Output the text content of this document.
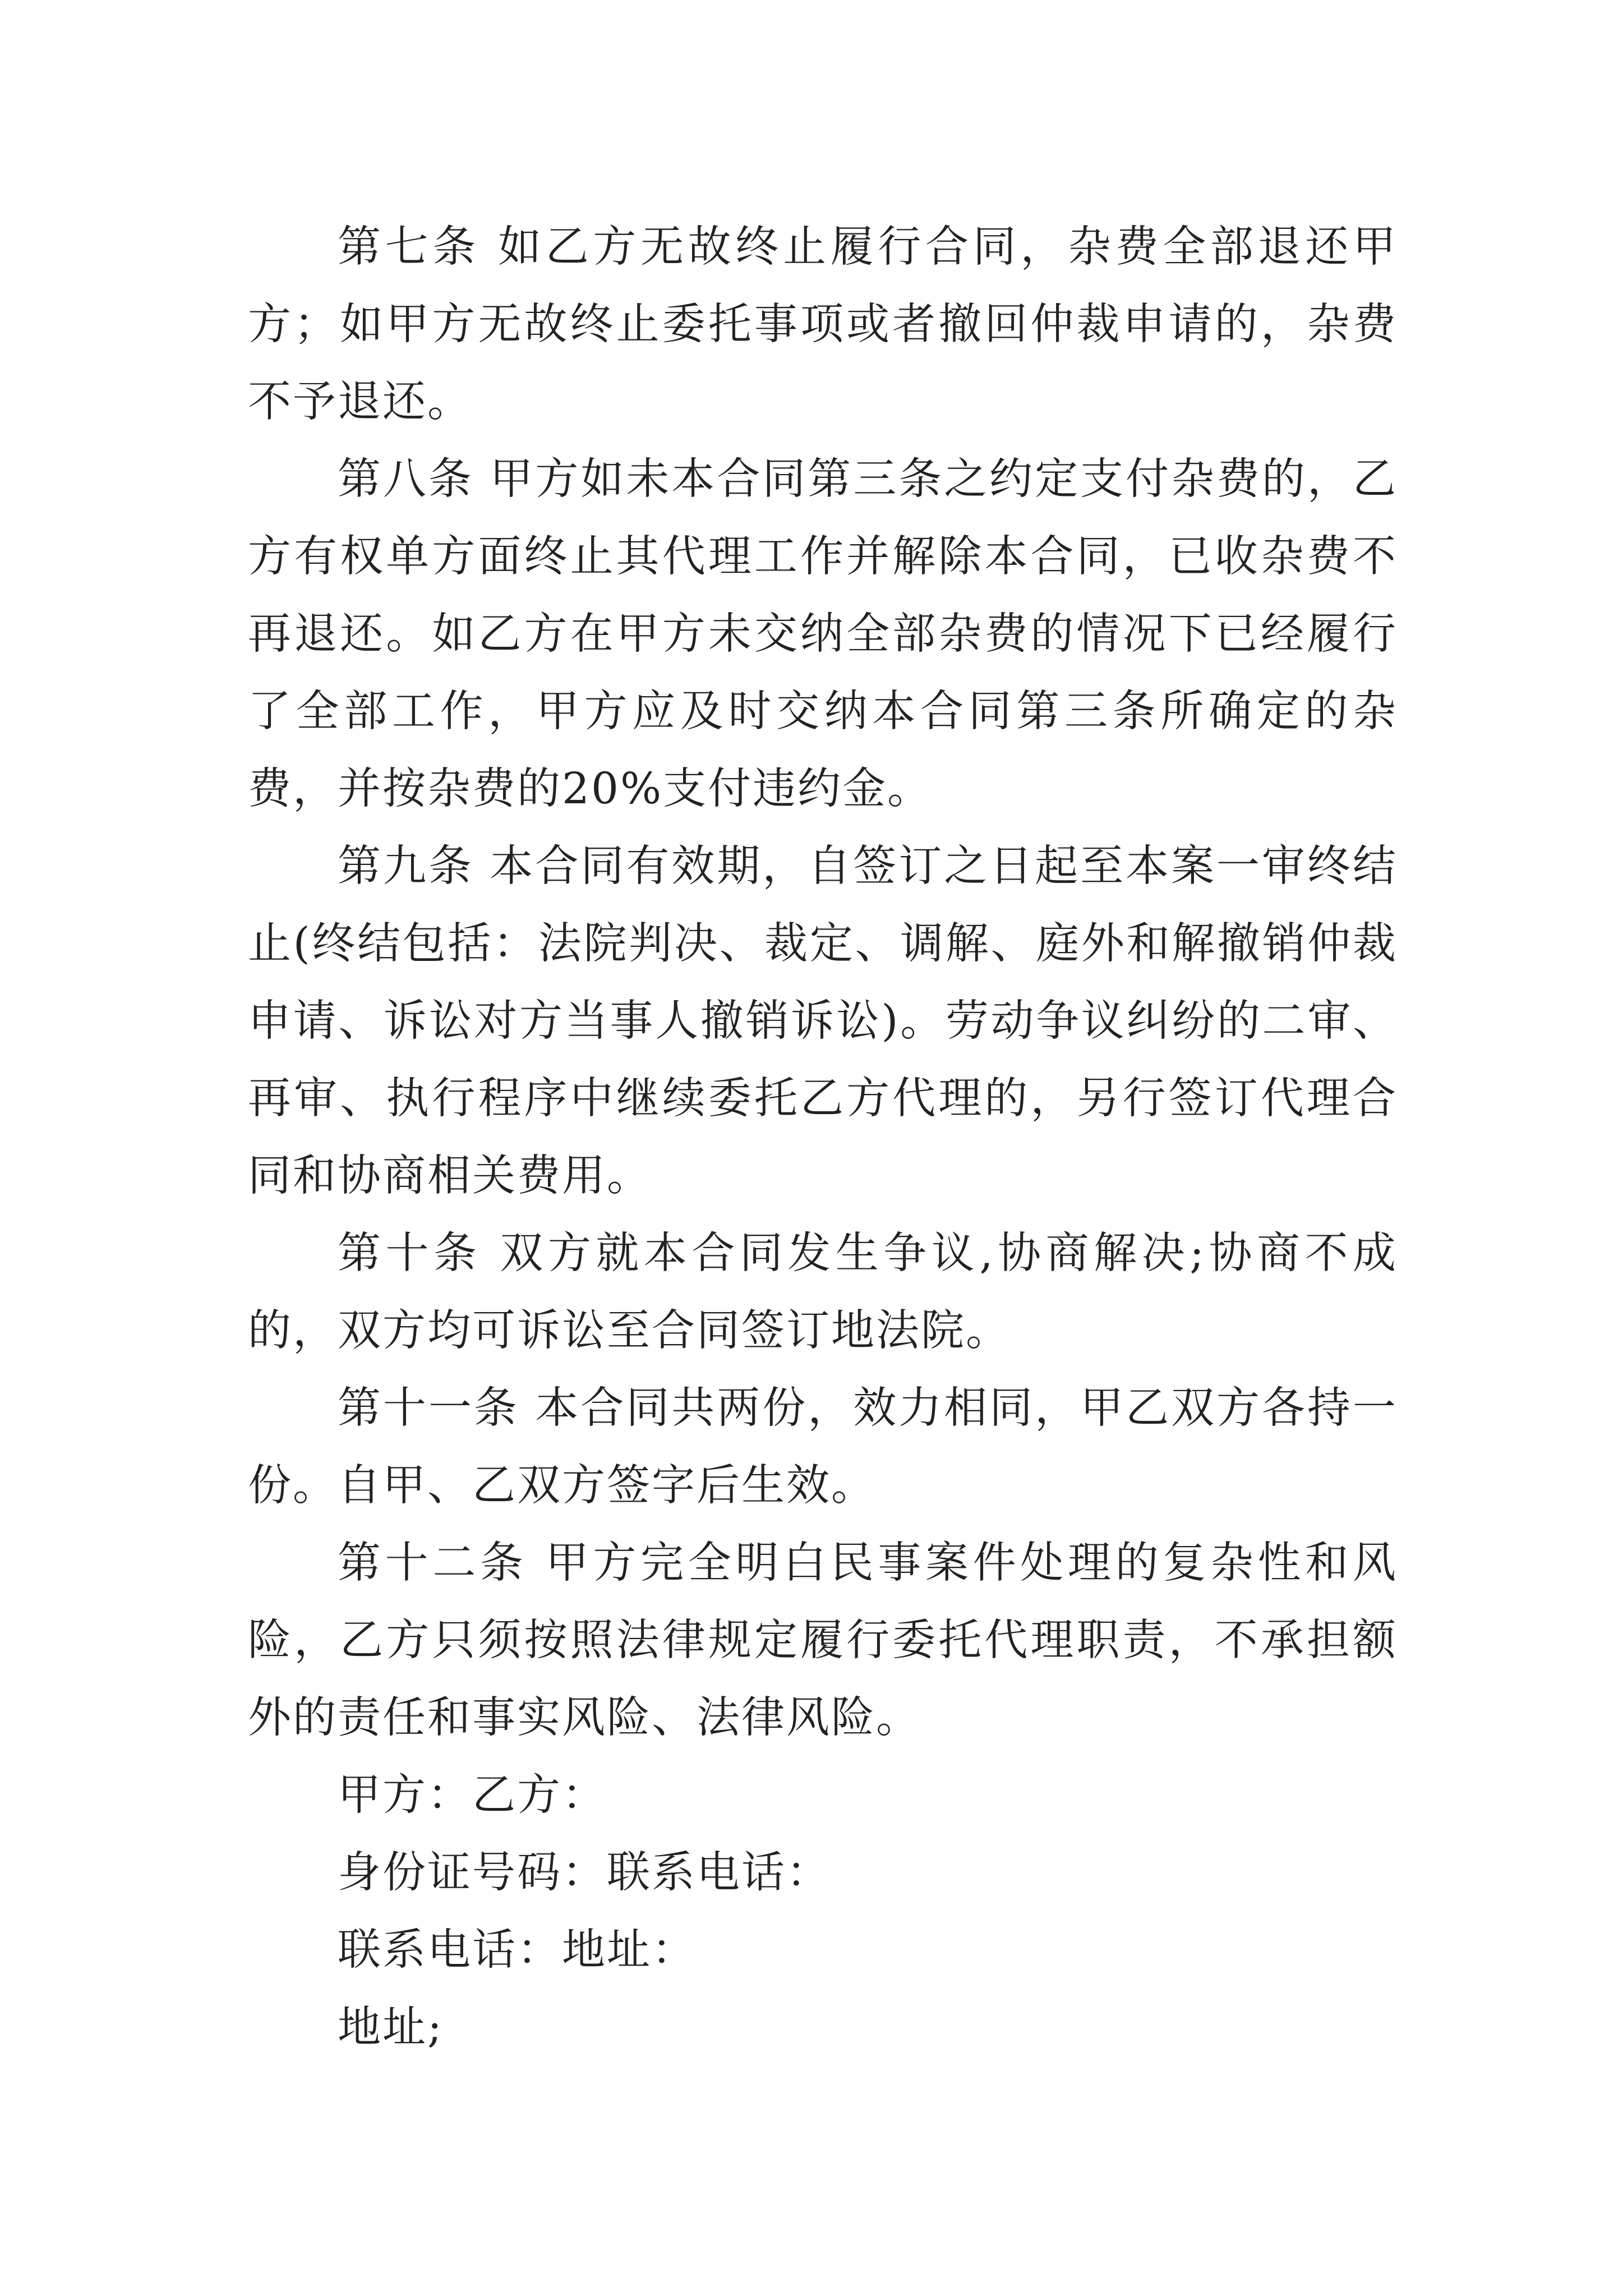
第七条 如乙方无故终止履行合同，杂费全部退还甲方；如甲方无故终止委托事项或者撤回仲裁申请的，杂费不予退还。

第八条 甲方如未本合同第三条之约定支付杂费的，乙方有权单方面终止其代理工作并解除本合同，已收杂费不再退还。如乙方在甲方未交纳全部杂费的情况下已经履行了全部工作，甲方应及时交纳本合同第三条所确定的杂费，并按杂费的20%支付违约金。

第九条 本合同有效期，自签订之日起至本案一审终结止(终结包括：法院判决、裁定、调解、庭外和解撤销仲裁申请、诉讼对方当事人撤销诉讼)。劳动争议纠纷的二审、再审、执行程序中继续委托乙方代理的，另行签订代理合同和协商相关费用。

第十条 双方就本合同发生争议,协商解决;协商不成的，双方均可诉讼至合同签订地法院。

第十一条 本合同共两份，效力相同，甲乙双方各持一份。自甲、乙双方签字后生效。

第十二条 甲方完全明白民事案件处理的复杂性和风险，乙方只须按照法律规定履行委托代理职责，不承担额外的责任和事实风险、法律风险。

甲方：乙方：

身份证号码：联系电话：

联系电话：地址：

地址;
